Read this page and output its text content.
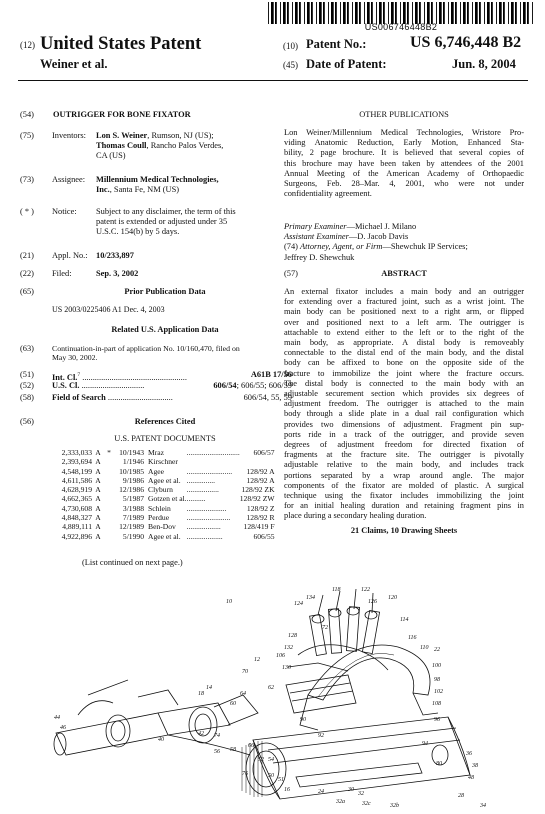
US006746448B2
(12) United States Patent
Weiner et al.
(10) Patent No.:	US 6,746,448 B2
(45) Date of Patent:	Jun. 8, 2004
(54) OUTRIGGER FOR BONE FIXATOR
(75) Inventors: Lon S. Weiner, Rumson, NJ (US);
Thomas Coull, Rancho Palos Verdes,
CA (US)
(73) Assignee: Millennium Medical Technologies,
Inc., Santa Fe, NM (US)
( * ) Notice: Subject to any disclaimer, the term of this
patent is extended or adjusted under 35
U.S.C. 154(b) by 5 days.
(21) Appl. No.: 10/233,897
(22) Filed:	Sep. 3, 2002
(65)	Prior Publication Data
US 2003/0225406 A1 Dec. 4, 2003
Related U.S. Application Data
(63) Continuation-in-part of application No. 10/160,470, filed on
May 30, 2002.
(51) Int. Cl.$^7$ ..................................................	A61B 17/56
(52) U.S. Cl. ..............................	606/54; 606/55; 606/59
(58) Field of Search ...............................	606/54, 55, 59
(56)	References Cited
U.S. PATENT DOCUMENTS
2,333,033	A	*	10/1943	Mraz	............................	606/57
2,393,694	A		1/1946	Kirschner		
4,548,199	A		10/1985	Agee	........................	128/92 A
4,611,586	A		9/1986	Agee et al.	...............	128/92 A
4,628,919	A		12/1986	Clyburn	.................	128/92 ZK
4,662,365	A		5/1987	Gotzen et al.	..........	128/92 ZW
4,730,608	A		3/1988	Schlein	.....................	128/92 Z
4,848,327	A		7/1989	Perdue	.......................	128/92 R
4,889,111	A		12/1989	Ben-Dov	..................	128/419 F
4,922,896	A		5/1990	Agee et al.	...................	606/55
(List continued on next page.)
OTHER PUBLICATIONS
Lon Weiner/Millennium Medical Technologies, Wristore Pro-
viding Anatomic Reduction, Early Motion, Enhanced Sta-
bility, 2 page brochure. It is believed that several copies of
this brochure may have been taken by attendees of the 2001
Annual Meeting of the American Academy of Orthopaedic
Surgeons, Feb. 28–Mar. 4, 2001, who were not under
confidentiality agreement.
Primary Examiner—Michael J. Milano
Assistant Examiner—D. Jacob Davis
(74) Attorney, Agent, or Firm—Shewchuk IP Services;
Jeffrey D. Shewchuk
(57)	ABSTRACT
An external fixator includes a main body and an outrigger
for extending over a fractured joint, such as a wrist joint. The
main body can be positioned next to a right arm, or flipped
over and positioned next to a left arm. The outrigger is
attachable to extend either to the left or to the right of the
main body, as appropriate. A distal body is removeably
connectable to the distal end of the main body, and the distal
body can be affixed to bone on the opposite side of the
fracture to immobilize the joint where the fracture occurs.
The distal body is connected to the main body with an
adjustable securement section which provides six degrees of
adjustment freedom. The outrigger is attached to the main
body through a slide plate in a dual rail configuration which
provides two dimensions of adjustment. Fragment pin sup-
ports ride in a track of the outrigger, and provide seven
degrees of adjustment freedom for directed fixation of
fragments at the fracture site. The outrigger is pivotally
adjustable relative to the main body, and includes track
portions separated by a wrap around angle. The major
components of the fixator are molded of plastic. A surgical
technique using the fixator includes immobilizing the joint
for an initial healing duration and retaining fragment pins in
place during a secondary healing duration.
21 Claims, 10 Drawing Sheets
10	124
134
118
72
122
126
114
116
110 22
120
128
132
106
130	100
98
102
108
96
94
90
92
12
70
62
64
60
14
18
44
46
74
40
42
56 58
66
52 54
76	50
51
16	24	30
32
36
38
48
28
34
80
32a	32c	32b
